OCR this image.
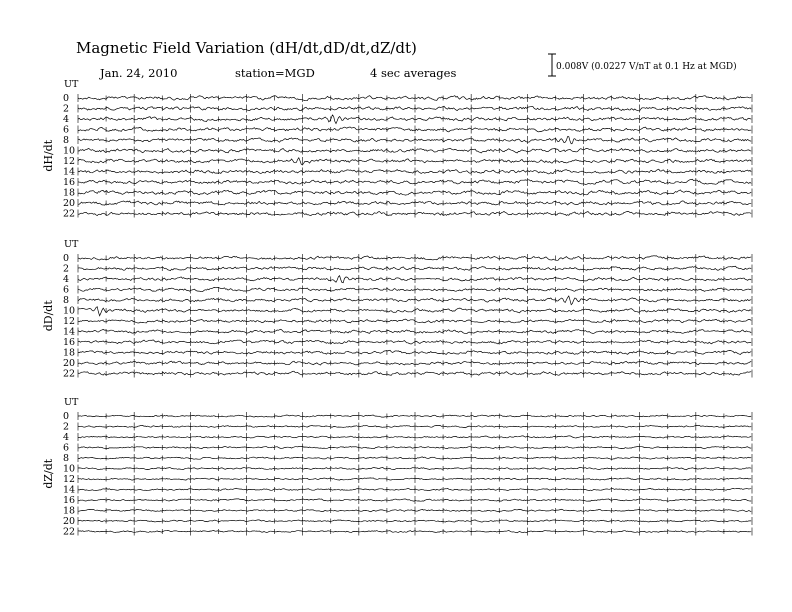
Magnetic Field Variation (dH/dt,dD/dt,dZ/dt)
Jan. 24, 2010	station=MGD	4 sec averages	0.008V (0.0227 V/nT at 0.1 Hz at MGD)
UT
dH/dt
0
2
4
6
8
10
12
14
16
18
20
22
UT
dD/dt
0
2
4
6
8
10
12
14
16
18
20
22
UT
dZ/dt
0
2
4
6
8
10
12
14
16
18
20
22
